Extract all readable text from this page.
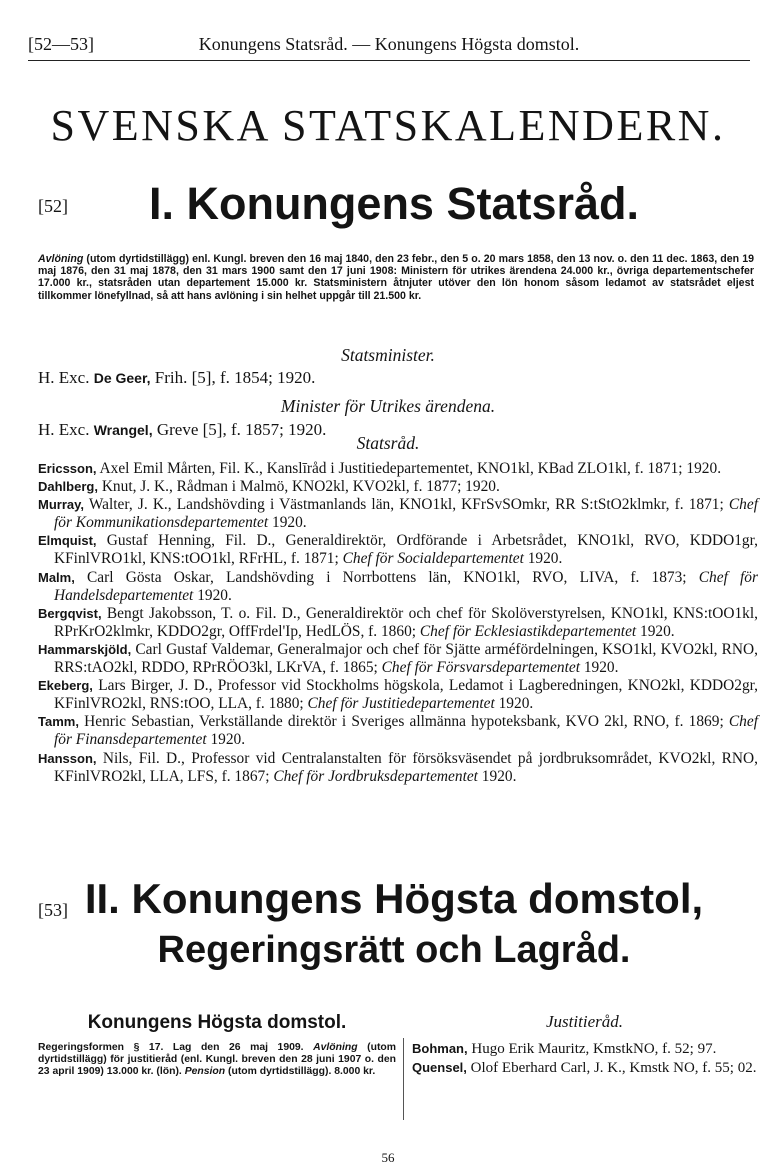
[52—53]	Konungens Statsråd. — Konungens Högsta domstol.
SVENSKA STATSKALENDERN.
[52]	I. Konungens Statsråd.
Avlöning (utom dyrtidstillägg) enl. Kungl. breven den 16 maj 1840, den 23 febr., den 5 o. 20 mars 1858, den 13 nov. o. den 11 dec. 1863, den 19 maj 1876, den 31 maj 1878, den 31 mars 1900 samt den 17 juni 1908: Ministern för utrikes ärendena 24.000 kr., övriga departementschefer 17.000 kr., statsråden utan departement 15.000 kr. Statsministern åtnjuter utöver den lön honom såsom ledamot av statsrådet eljest tillkommer lönefyllnad, så att hans avlöning i sin helhet uppgår till 21.500 kr.
Statsminister.
H. Exc. De Geer, Frih. [5], f. 1854; 1920.
Minister för Utrikes ärendena.
H. Exc. Wrangel, Greve [5], f. 1857; 1920.
Statsråd.
Ericsson, Axel Emil Mårten, Fil. K., Kanslīråd i Justitiedepartementet, KNO1kl, KBad ZLO1kl, f. 1871; 1920.
Dahlberg, Knut, J. K., Rådman i Malmö, KNO2kl, KVO2kl, f. 1877; 1920.
Murray, Walter, J. K., Landshövding i Västmanlands län, KNO1kl, KFrSvSOmkr, RR S:tStO2klmkr, f. 1871; Chef för Kommunikationsdepartementet 1920.
Elmquist, Gustaf Henning, Fil. D., Generaldirektör, Ordförande i Arbetsrådet, KNO1kl, RVO, KDDO1gr, KFinlVRO1kl, KNS:tOO1kl, RFrHL, f. 1871; Chef för Socialdepartementet 1920.
Malm, Carl Gösta Oskar, Landshövding i Norrbottens län, KNO1kl, RVO, LIVA, f. 1873; Chef för Handelsdepartementet 1920.
Bergqvist, Bengt Jakobsson, T. o. Fil. D., Generaldirektör och chef för Skolöverstyrelsen, KNO1kl, KNS:tOO1kl, RPrKrO2klmkr, KDDO2gr, OffFrdel'Ip, HedLÖS, f. 1860; Chef för Ecklesiastikdepartementet 1920.
Hammarskjöld, Carl Gustaf Valdemar, Generalmajor och chef för Sjätte arméfördelningen, KSO1kl, KVO2kl, RNO, RRS:tAO2kl, RDDO, RPrRÖO3kl, LKrVA, f. 1865; Chef för Försvarsdepartementet 1920.
Ekeberg, Lars Birger, J. D., Professor vid Stockholms högskola, Ledamot i Lagberedningen, KNO2kl, KDDO2gr, KFinlVRO2kl, RNS:tOO, LLA, f. 1880; Chef för Justitiedepartementet 1920.
Tamm, Henric Sebastian, Verkställande direktör i Sveriges allmänna hypoteksbank, KVO 2kl, RNO, f. 1869; Chef för Finansdepartementet 1920.
Hansson, Nils, Fil. D., Professor vid Centralanstalten för försöksväsendet på jordbruksområdet, KVO2kl, RNO, KFinlVRO2kl, LLA, LFS, f. 1867; Chef för Jordbruksdepartementet 1920.
[53] II. Konungens Högsta domstol,
Regeringsrätt och Lagråd.
Konungens Högsta domstol.
Regeringsformen § 17. Lag den 26 maj 1909. Avlöning (utom dyrtidstillägg) för justitieråd (enl. Kungl. breven den 28 juni 1907 o. den 23 april 1909) 13.000 kr. (lön). Pension (utom dyrtidstillägg). 8.000 kr.
Justitieråd.
Bohman, Hugo Erik Mauritz, KmstkNO, f. 52; 97.
Quensel, Olof Eberhard Carl, J. K., Kmstk NO, f. 55; 02.
56
